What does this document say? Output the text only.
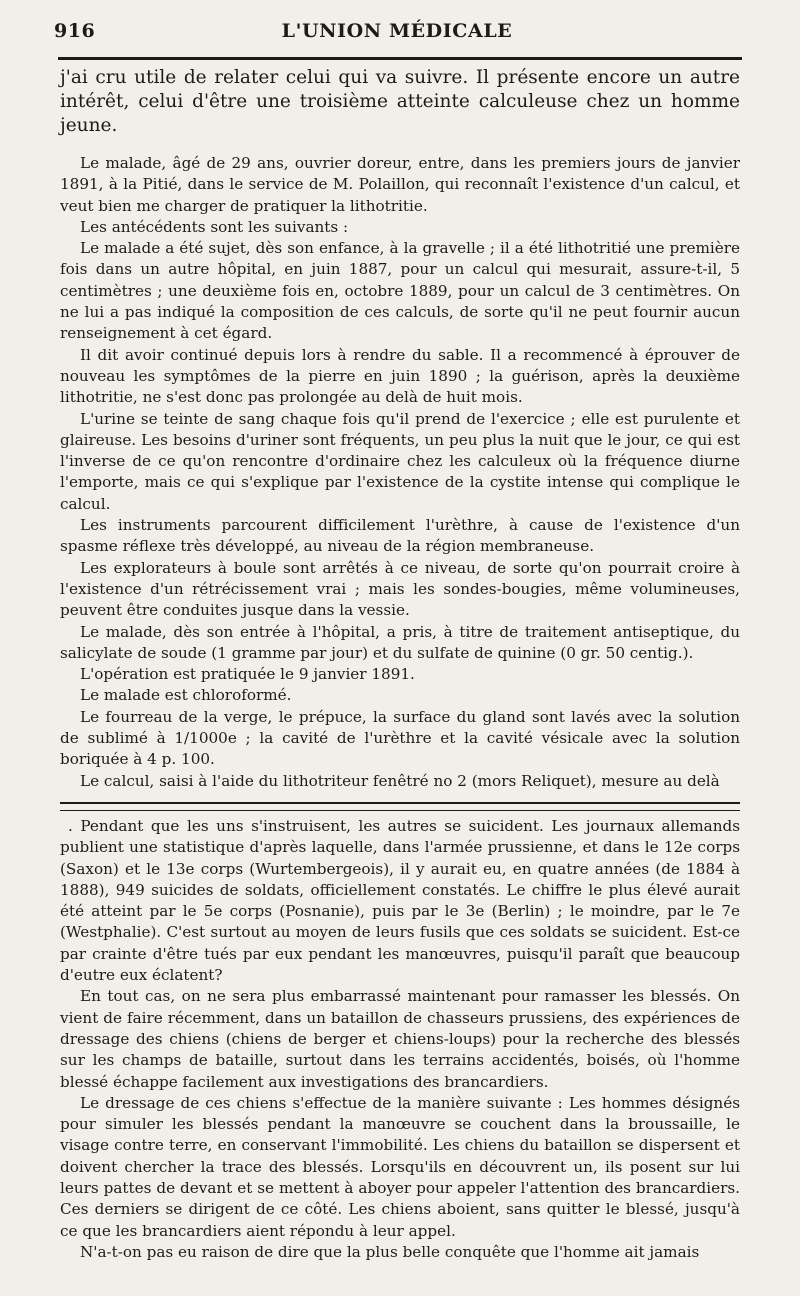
916	L'UNION MÉDICALE

j'ai cru utile de relater celui qui va suivre. Il présente encore un autre intérêt, celui d'être une troisième atteinte calculeuse chez un homme jeune.

Le malade, âgé de 29 ans, ouvrier doreur, entre, dans les premiers jours de janvier 1891, à la Pitié, dans le service de M. Polaillon, qui reconnaît l'existence d'un calcul, et veut bien me charger de pratiquer la lithotritie.

Les antécédents sont les suivants :

Le malade a été sujet, dès son enfance, à la gravelle ; il a été lithotritié une première fois dans un autre hôpital, en juin 1887, pour un calcul qui mesurait, assure-t-il, 5 centimètres ; une deuxième fois en, octobre 1889, pour un calcul de 3 centimètres. On ne lui a pas indiqué la composition de ces calculs, de sorte qu'il ne peut fournir aucun renseignement à cet égard.

Il dit avoir continué depuis lors à rendre du sable. Il a recommencé à éprouver de nouveau les symptômes de la pierre en juin 1890 ; la guérison, après la deuxième lithotritie, ne s'est donc pas prolongée au delà de huit mois.

L'urine se teinte de sang chaque fois qu'il prend de l'exercice ; elle est purulente et glaireuse. Les besoins d'uriner sont fréquents, un peu plus la nuit que le jour, ce qui est l'inverse de ce qu'on rencontre d'ordinaire chez les calculeux où la fréquence diurne l'emporte, mais ce qui s'explique par l'existence de la cystite intense qui complique le calcul.

Les instruments parcourent difficilement l'urèthre, à cause de l'existence d'un spasme réflexe très développé, au niveau de la région membraneuse.

Les explorateurs à boule sont arrêtés à ce niveau, de sorte qu'on pourrait croire à l'existence d'un rétrécissement vrai ; mais les sondes-bougies, même volumineuses, peuvent être conduites jusque dans la vessie.

Le malade, dès son entrée à l'hôpital, a pris, à titre de traitement antiseptique, du salicylate de soude (1 gramme par jour) et du sulfate de quinine (0 gr. 50 centig.).

L'opération est pratiquée le 9 janvier 1891.

Le malade est chloroformé.

Le fourreau de la verge, le prépuce, la surface du gland sont lavés avec la solution de sublimé à 1/1000e ; la cavité de l'urèthre et la cavité vésicale avec la solution boriquée à 4 p. 100.

Le calcul, saisi à l'aide du lithotriteur fenêtré no 2 (mors Reliquet), mesure au delà

. Pendant que les uns s'instruisent, les autres se suicident. Les journaux allemands publient une statistique d'après laquelle, dans l'armée prussienne, et dans le 12e corps (Saxon) et le 13e corps (Wurtembergeois), il y aurait eu, en quatre années (de 1884 à 1888), 949 suicides de soldats, officiellement constatés. Le chiffre le plus élevé aurait été atteint par le 5e corps (Posnanie), puis par le 3e (Berlin) ; le moindre, par le 7e (Westphalie). C'est surtout au moyen de leurs fusils que ces soldats se suicident. Est-ce par crainte d'être tués par eux pendant les manœuvres, puisqu'il paraît que beaucoup d'eutre eux éclatent?

En tout cas, on ne sera plus embarrassé maintenant pour ramasser les blessés. On vient de faire récemment, dans un bataillon de chasseurs prussiens, des expériences de dressage des chiens (chiens de berger et chiens-loups) pour la recherche des blessés sur les champs de bataille, surtout dans les terrains accidentés, boisés, où l'homme blessé échappe facilement aux investigations des brancardiers.

Le dressage de ces chiens s'effectue de la manière suivante : Les hommes désignés pour simuler les blessés pendant la manœuvre se couchent dans la broussaille, le visage contre terre, en conservant l'immobilité. Les chiens du bataillon se dispersent et doivent chercher la trace des blessés. Lorsqu'ils en découvrent un, ils posent sur lui leurs pattes de devant et se mettent à aboyer pour appeler l'attention des brancardiers. Ces derniers se dirigent de ce côté. Les chiens aboient, sans quitter le blessé, jusqu'à ce que les brancardiers aient répondu à leur appel.

N'a-t-on pas eu raison de dire que la plus belle conquête que l'homme ait jamais
